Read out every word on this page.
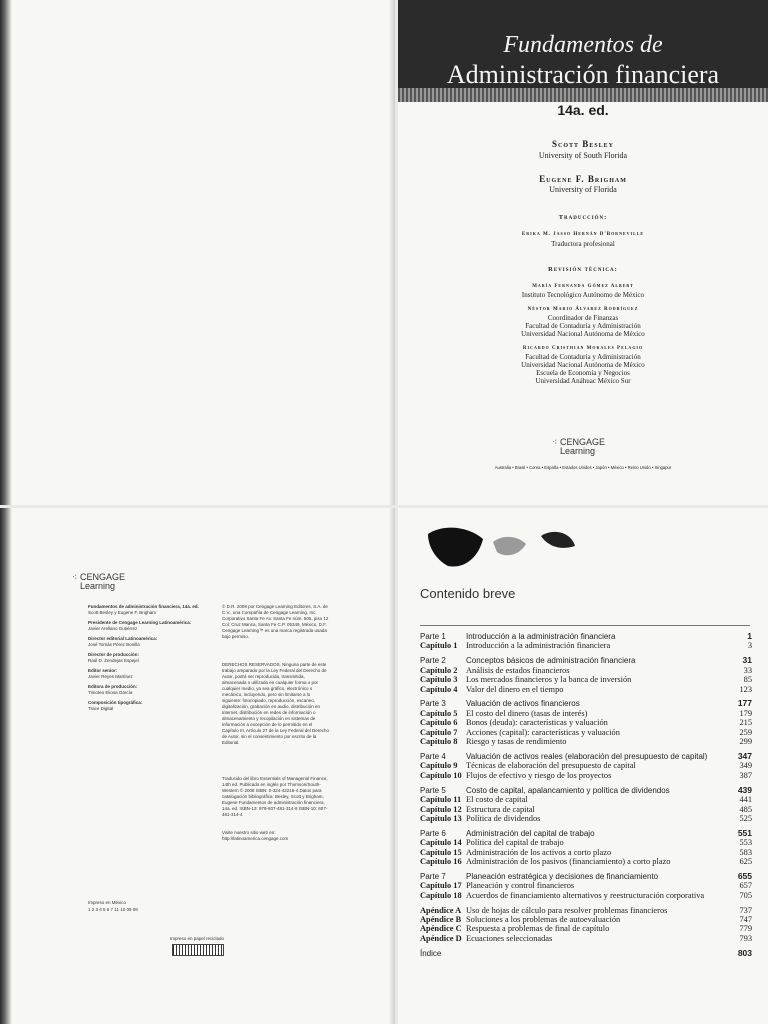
Fundamentos de
Administración financiera
14a. ed.
Scott Besley
University of South Florida
Eugene F. Brigham
University of Florida
Traducción:
Erika M. Jasso Hernán D'Borneville
Traductora profesional
Revisión técnica:
María Fernanda Gómez Albert
Instituto Tecnológico Autónomo de México
Néstor Mario Álvarez Rodríguez
Coordinador de Finanzas
Facultad de Contaduría y Administración
Universidad Nacional Autónoma de México
Ricardo Cristhian Morales Pelagio
Facultad de Contaduría y Administración
Universidad Nacional Autónoma de México
Escuela de Economía y Negocios
Universidad Anáhuac México Sur
⁖ CENGAGE
Learning
Australia • Brasil • Corea • España • Estados Unidos • Japón • México • Reino Unido • Singapur
⁖ CENGAGE
Learning
Fundamentos de administración financiera, 14a. ed.
Scott Besley y Eugene F. Brigham
Presidente de Cengage Learning Latinoamérica:
Javier Arellano Gutiérrez
Director editorial Latinoamérica:
José Tomás Pérez Bonilla
Director de producción:
Raúl D. Zendejas Espejel
Editor senior:
Javier Reyes Martínez
Editora de producción:
Timoteo Eliosa García
Composición tipográfica:
Trace Digital
© D.R. 2009 por Cengage Learning Editores, S.A. de C.V., una Compañía de Cengage Learning, Inc. Corporativo Santa Fe Av. Santa Fe núm. 505, piso 12 Col. Cruz Manca, Santa Fe C.P. 05349, México, D.F. Cengage Learning™ es una marca registrada usada bajo permiso.
DERECHOS RESERVADOS. Ninguna parte de este trabajo amparado por la Ley Federal del Derecho de Autor, podrá ser reproducida, transmitida, almacenada o utilizada en cualquier forma o por cualquier medio, ya sea gráfico, electrónico o mecánico, incluyendo, pero sin limitarse a lo siguiente: fotocopiado, reproducción, escaneo, digitalización, grabación en audio, distribución en internet, distribución en redes de información o almacenamiento y recopilación en sistemas de información a excepción de lo permitido en el Capítulo III, Artículo 27 de la Ley Federal del Derecho de Autor, sin el consentimiento por escrito de la Editorial.
Traducido del libro Essentials of Managerial Finance, 14th ed. Publicado en inglés por Thomson/South-Western © 2008 ISBN: 0-324-42216-4 Datos para catalogación bibliográfica: Besley, Scott y Brigham, Eugene Fundamentos de administración financiera, 14a. ed. ISBN-13: 978-607-481-314-8 ISBN-10: 607-481-314-4
Visite nuestro sitio web en: http://latinoamerica.cengage.com
Impreso en México
1 2 3 4 5 6 7 11 10 09 08
Impreso en papel reciclado
Contenido breve
Parte 1	Introducción a la administración financiera	1
Capítulo 1	Introducción a la administración financiera	3
Parte 2	Conceptos básicos de administración financiera	31
Capítulo 2	Análisis de estados financieros	33
Capítulo 3	Los mercados financieros y la banca de inversión	85
Capítulo 4	Valor del dinero en el tiempo	123
Parte 3	Valuación de activos financieros	177
Capítulo 5	El costo del dinero (tasas de interés)	179
Capítulo 6	Bonos (deuda): características y valuación	215
Capítulo 7	Acciones (capital): características y valuación	259
Capítulo 8	Riesgo y tasas de rendimiento	299
Parte 4	Valuación de activos reales (elaboración del presupuesto de capital)	347
Capítulo 9	Técnicas de elaboración del presupuesto de capital	349
Capítulo 10 Flujos de efectivo y riesgo de los proyectos	387
Parte 5	Costo de capital, apalancamiento y política de dividendos	439
Capítulo 11 El costo de capital	441
Capítulo 12 Estructura de capital	485
Capítulo 13 Política de dividendos	525
Parte 6	Administración del capital de trabajo	551
Capítulo 14 Política del capital de trabajo	553
Capítulo 15 Administración de los activos a corto plazo	583
Capítulo 16 Administración de los pasivos (financiamiento) a corto plazo	625
Parte 7	Planeación estratégica y decisiones de financiamiento	655
Capítulo 17 Planeación y control financieros	657
Capítulo 18 Acuerdos de financiamiento alternativos y reestructuración corporativa	705
Apéndice A Uso de hojas de cálculo para resolver problemas financieros	737
Apéndice B Soluciones a los problemas de autoevaluación	747
Apéndice C Respuesta a problemas de final de capítulo	779
Apéndice D Ecuaciones seleccionadas	793
Índice	803
